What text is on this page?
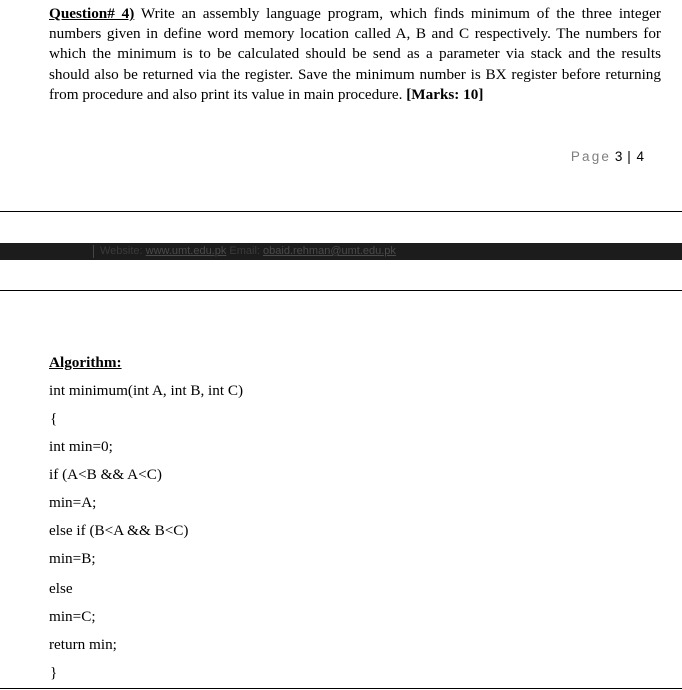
Question# 4) Write an assembly language program, which finds minimum of the three integer numbers given in define word memory location called A, B and C respectively. The numbers for which the minimum is to be calculated should be send as a parameter via stack and the results should also be returned via the register. Save the minimum number is BX register before returning from procedure and also print its value in main procedure. [Marks: 10]

Page 3 | 4
Website: www.umt.edu.pk Email: obaid.rehman@umt.edu.pk

Algorithm:

int minimum(int A, int B, int C)

{

int min=0;

if (A<B && A<C)

min=A;

else if (B<A && B<C)

min=B;

else

min=C;

return min;

}
